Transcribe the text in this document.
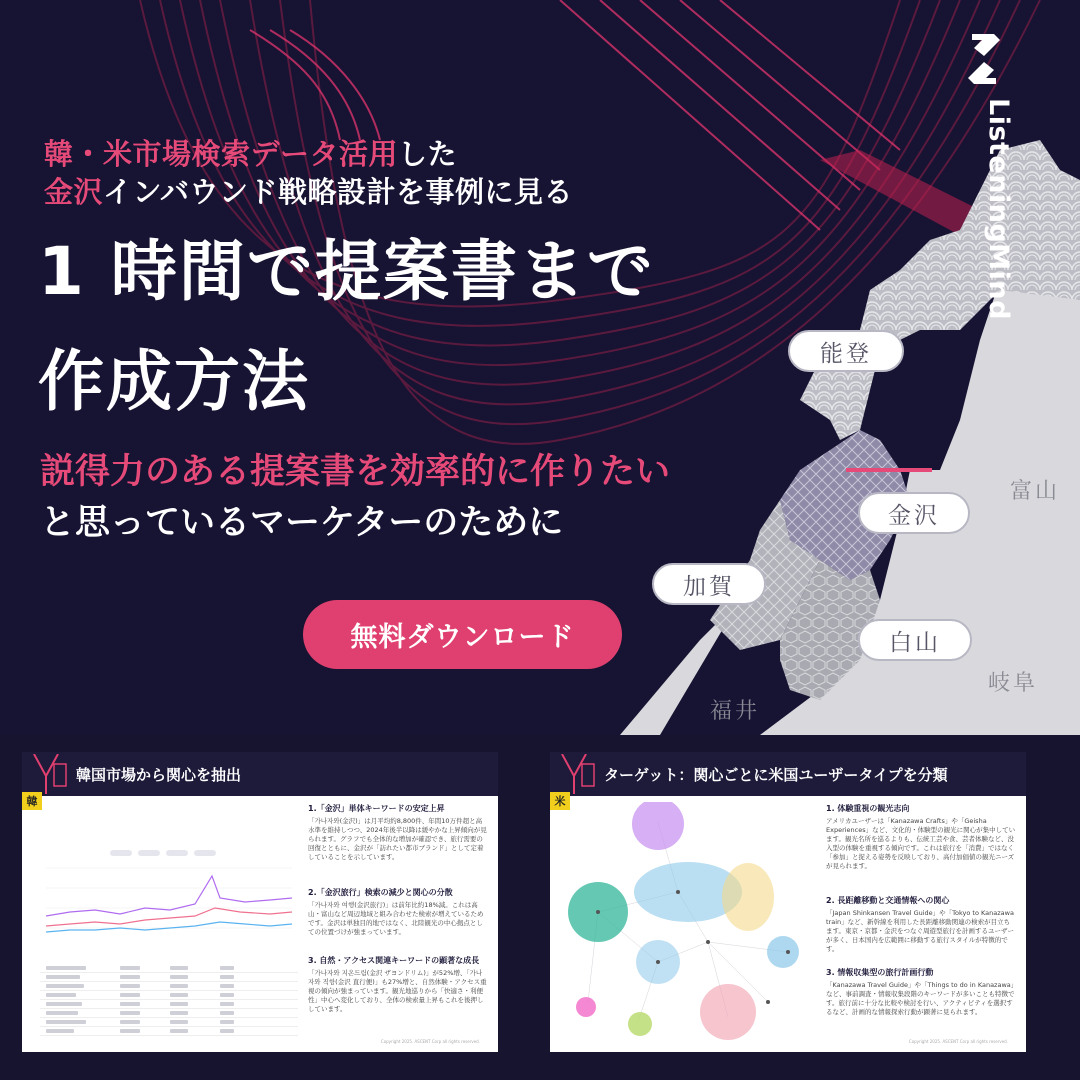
ListeningMind
韓・米市場検索データ活用した
金沢インバウンド戦略設計を事例に見る
1 時間で提案書まで
作成方法
説得力のある提案書を効率的に作りたい
と思っているマーケターのために
無料ダウンロード
能登
金沢
加賀
白山
富山
岐阜
福井
韓国市場から関心を抽出
韓
1.「金沢」単体キーワードの安定上昇

「가나자와(金沢)」は月平均約8,800件、年間10万件超と高水準を維持しつつ、2024年後半以降は緩やかな上昇傾向が見られます。グラフでも全体的な増加が確認でき、旅行需要の回復とともに、金沢が「訪れたい都市ブランド」として定着していることを示しています。

2.「金沢旅行」検索の減少と関心の分散

「가나자와 여행(金沢旅行)」は前年比約18%減。これは高山・富山など周辺地域と組み合わせた検索が増えているためです。金沢は単独目的地ではなく、北陸観光の中心拠点としての位置づけが強まっています。

3. 自然・アクセス関連キーワードの顕著な成長

「가나자와 지온드림(金沢 ザヨンドリム)」が52%増、「가나자와 직항(金沢 直行便)」も27%増と、自然体験・アクセス重視の傾向が強まっています。観光地巡りから「快適さ・利便性」中心へ変化しており、全体の検索量上昇もこれを後押ししています。

Copyright 2025. ASCENT Corp all rights reserved.
ターゲット：関心ごとに米国ユーザータイプを分類
米
1. 体験重視の観光志向

アメリカユーザーは「Kanazawa Crafts」や「Geisha Experiences」など、文化的・体験型の観光に関心が集中しています。観光名所を巡るよりも、伝統工芸や食、芸者体験など、没入型の体験を重視する傾向です。これは旅行を「消費」ではなく「参加」と捉える姿勢を反映しており、高付加価値の観光ニーズが見られます。

2. 長距離移動と交通情報への関心

「Japan Shinkansen Travel Guide」や「Tokyo to Kanazawa train」など、新幹線を利用した長距離移動関連の検索が目立ちます。東京・京都・金沢をつなぐ周遊型旅行を計画するユーザーが多く、日本国内を広範囲に移動する旅行スタイルが特徴的です。

3. 情報収集型の旅行計画行動

「Kanazawa Travel Guide」や「Things to do in Kanazawa」など、事前調査・情報収集段階のキーワードが多いことも特徴です。旅行前に十分な比較や検討を行い、アクティビティを選択するなど、計画的な情報探索行動が顕著に見られます。

Copyright 2025. ASCENT Corp all rights reserved.
